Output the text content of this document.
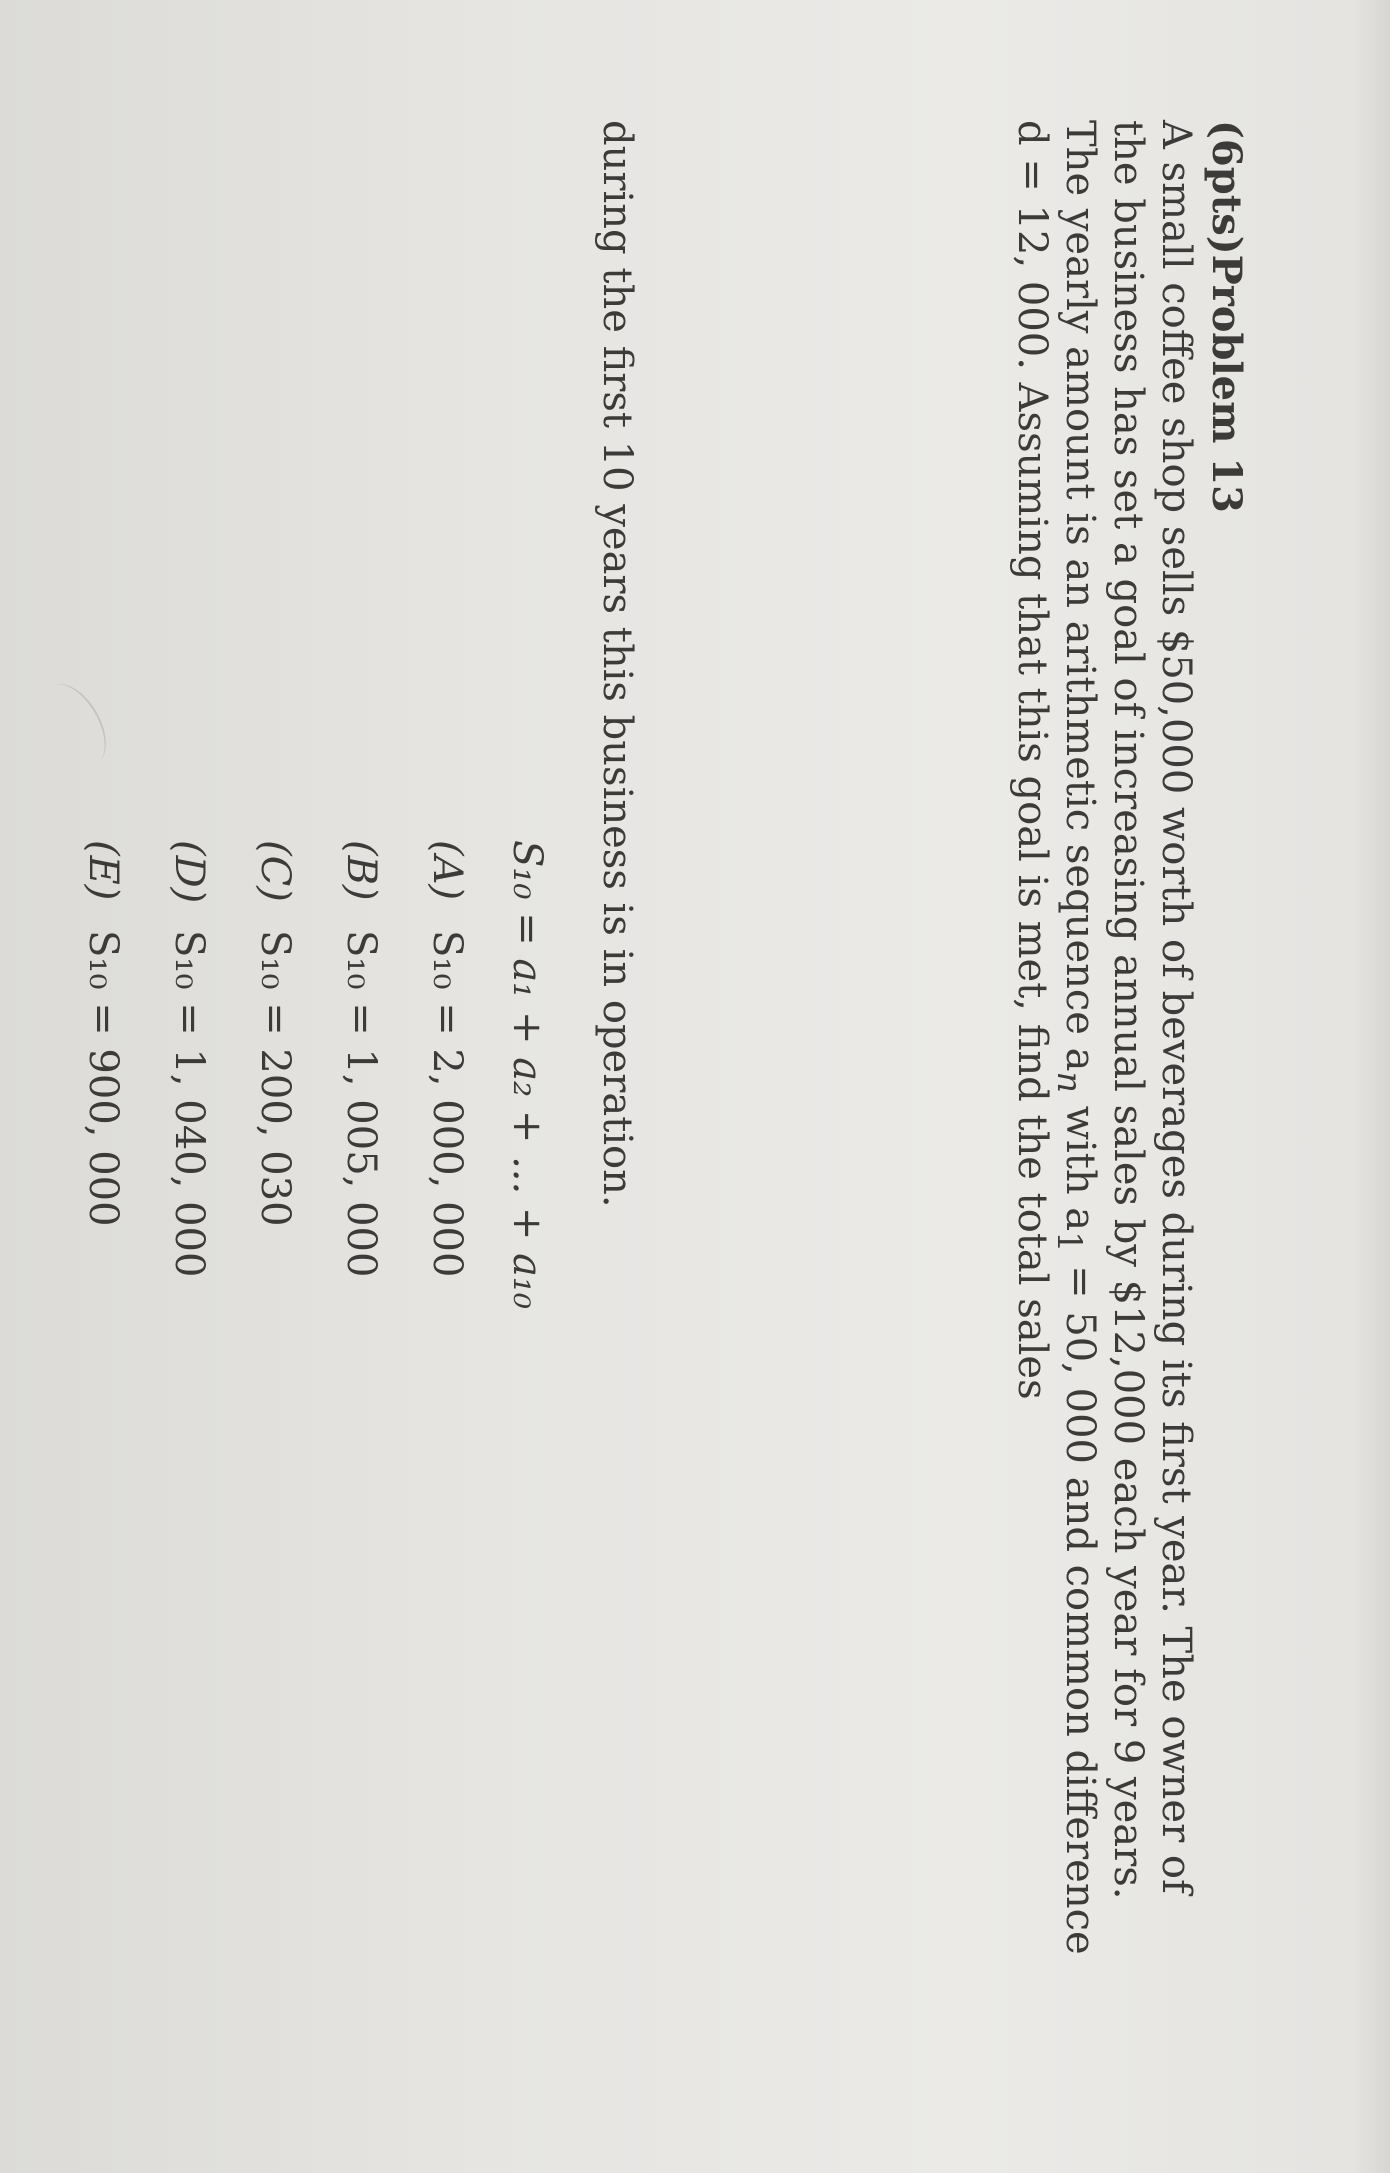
(6pts)Problem 13
A small coffee shop sells $50,000 worth of beverages during its first year. The owner of
the business has set a goal of increasing annual sales by $12,000 each year for 9 years.
The yearly amount is an arithmetic sequence $a_n$ with $a_1 = 50$, 000 and common difference
d = 12, 000. Assuming that this goal is met, find the total sales
S₁₀ = a₁ + a₂ + ... + a₁₀ during the first 10 years this business is in operation.
(A)S₁₀ = 2, 000, 000
(B)S₁₀ = 1, 005, 000
(C)S₁₀ = 200, 030
(D)S₁₀ = 1, 040, 000
(E)S₁₀ = 900, 000
